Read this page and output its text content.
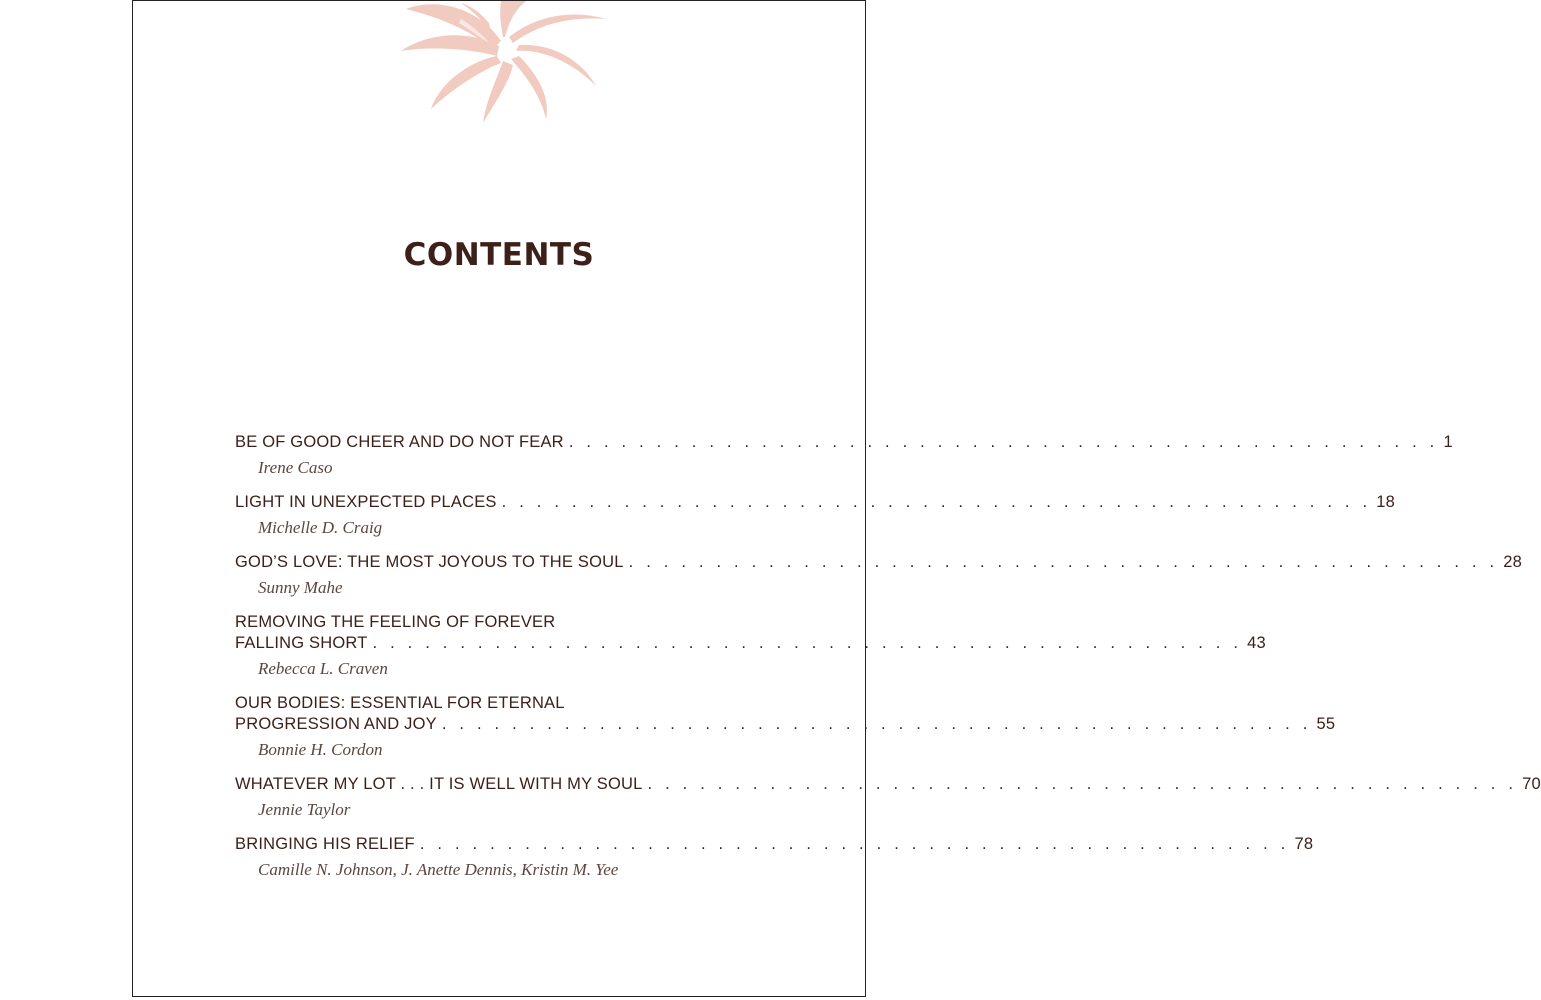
CONTENTS
BE OF GOOD CHEER AND DO NOT FEAR . . . . . . . . . . . . . . . . . . . . . . . . . . . . . . . . . . . . . . . . . . . . . . . . . . 1
Irene Caso
LIGHT IN UNEXPECTED PLACES . . . . . . . . . . . . . . . . . . . . . . . . . . . . . . . . . . . . . . . . . . . . . . . . . . 18
Michelle D. Craig
GOD’S LOVE: THE MOST JOYOUS TO THE SOUL . . . . . . . . . . . . . . . . . . . . . . . . . . . . . . . . . . . . . . . . . . . . . . . . . . 28
Sunny Mahe
REMOVING THE FEELING OF FOREVER
FALLING SHORT . . . . . . . . . . . . . . . . . . . . . . . . . . . . . . . . . . . . . . . . . . . . . . . . . . 43
Rebecca L. Craven
OUR BODIES: ESSENTIAL FOR ETERNAL
PROGRESSION AND JOY . . . . . . . . . . . . . . . . . . . . . . . . . . . . . . . . . . . . . . . . . . . . . . . . . . 55
Bonnie H. Cordon
WHATEVER MY LOT . . . IT IS WELL WITH MY SOUL . . . . . . . . . . . . . . . . . . . . . . . . . . . . . . . . . . . . . . . . . . . . . . . . . . 70
Jennie Taylor
BRINGING HIS RELIEF . . . . . . . . . . . . . . . . . . . . . . . . . . . . . . . . . . . . . . . . . . . . . . . . . . 78
Camille N. Johnson, J. Anette Dennis, Kristin M. Yee
